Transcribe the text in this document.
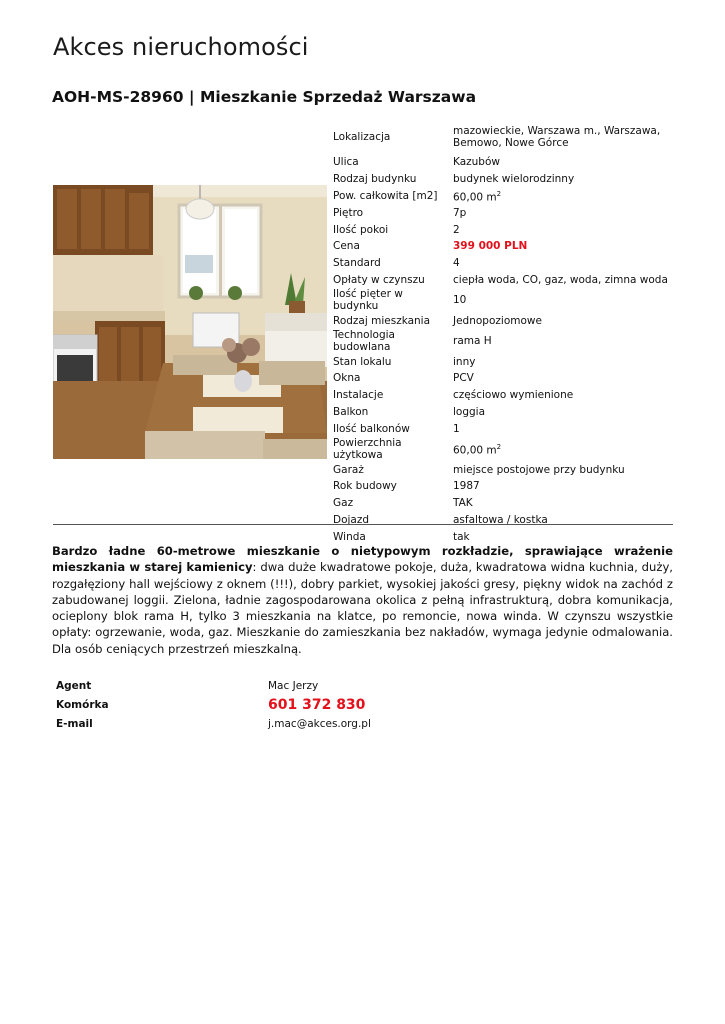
Akces nieruchomości
AOH-MS-28960 | Mieszkanie Sprzedaż Warszawa
Lokalizacja	mazowieckie, Warszawa m., Warszawa, Bemowo, Nowe Górce
Ulica	Kazubów
Rodzaj budynku	budynek wielorodzinny
Pow. całkowita [m2]	60,00 $m^2$
Piętro	7p
Ilość pokoi	2
Cena	399 000 PLN
Standard	4
Opłaty w czynszu	ciepła woda, CO, gaz, woda, zimna woda
Ilość pięter w budynku	10
Rodzaj mieszkania	Jednopoziomowe
Technologia budowlana	rama H
Stan lokalu	inny
Okna	PCV
Instalacje	częściowo wymienione
Balkon	loggia
Ilość balkonów	1
Powierzchnia użytkowa	60,00 $m^2$
Garaż	miejsce postojowe przy budynku
Rok budowy	1987
Gaz	TAK
Dojazd	asfaltowa / kostka
Winda	tak
Bardzo ładne 60-metrowe mieszkanie o nietypowym rozkładzie, sprawiające wrażenie mieszkania w starej kamienicy: dwa duże kwadratowe pokoje, duża, kwadratowa widna kuchnia, duży, rozgałęziony hall wejściowy z oknem (!!!), dobry parkiet, wysokiej jakości gresy, piękny widok na zachód z zabudowanej loggii. Zielona, ładnie zagospodarowana okolica z pełną infrastrukturą, dobra komunikacja, ocieplony blok rama H, tylko 3 mieszkania na klatce, po remoncie, nowa winda. W czynszu wszystkie opłaty: ogrzewanie, woda, gaz. Mieszkanie do zamieszkania bez nakładów, wymaga jedynie odmalowania. Dla osób ceniących przestrzeń mieszkalną.
Agent	Mac Jerzy
Komórka	601 372 830
E-mail	j.mac@akces.org.pl
